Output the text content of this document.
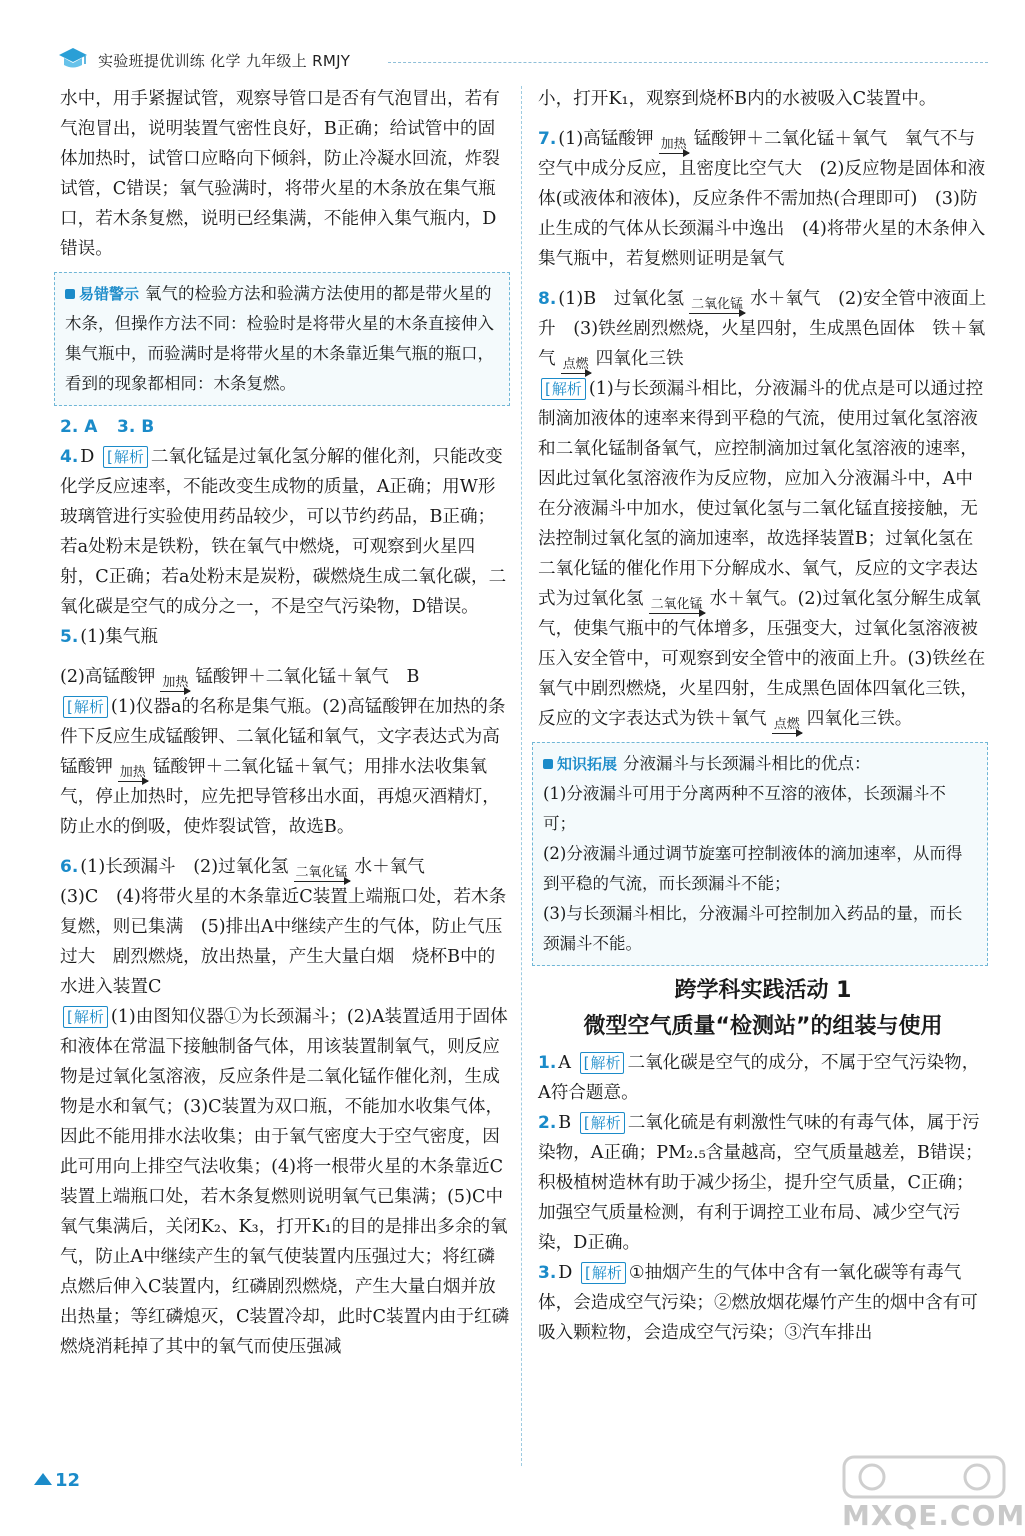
实验班提优训练 化学 九年级上 RMJY

水中，用手紧握试管，观察导管口是否有气泡冒出，若有气泡冒出，说明装置气密性良好，B正确；给试管中的固体加热时，试管口应略向下倾斜，防止冷凝水回流，炸裂试管，C错误；氧气验满时，将带火星的木条放在集气瓶口，若木条复燃，说明已经集满，不能伸入集气瓶内，D错误。

易错警示 氧气的检验方法和验满方法使用的都是带火星的木条，但操作方法不同：检验时是将带火星的木条直接伸入集气瓶中，而验满时是将带火星的木条靠近集气瓶的瓶口，看到的现象都相同：木条复燃。

2. A　 3. B

4. D [ 解析 二氧化锰是过氧化氢分解的催化剂，只能改变化学反应速率，不能改变生成物的质量，A正确；用W形玻璃管进行实验使用药品较少，可以节约药品，B正确；若a处粉末是铁粉，铁在氧气中燃烧，可观察到火星四射，C正确；若a处粉末是炭粉，碳燃烧生成二氧化碳，二氧化碳是空气的成分之一，不是空气污染物，D错误。

5. (1)集气瓶

(2)高锰酸钾 加热 锰酸钾＋二氧化锰＋氧气　B

[ 解析 (1)仪器a的名称是集气瓶。(2)高锰酸钾在加热的条件下反应生成锰酸钾、二氧化锰和氧气，文字表达式为高锰酸钾 加热 锰酸钾＋二氧化锰＋氧气；用排水法收集氧气，停止加热时，应先把导管移出水面，再熄灭酒精灯，防止水的倒吸，使炸裂试管，故选B。

6. (1)长颈漏斗　(2)过氧化氢 二氧化锰 水＋氧气

(3)C　(4)将带火星的木条靠近C装置上端瓶口处，若木条复燃，则已集满　(5)排出A中继续产生的气体，防止气压过大　剧烈燃烧，放出热量，产生大量白烟　烧杯B中的水进入装置C

[ 解析 (1)由图知仪器①为长颈漏斗；(2)A装置适用于固体和液体在常温下接触制备气体，用该装置制氧气，则反应物是过氧化氢溶液，反应条件是二氧化锰作催化剂，生成物是水和氧气；(3)C装置为双口瓶，不能加水收集气体，因此不能用排水法收集；由于氧气密度大于空气密度，因此可用向上排空气法收集；(4)将一根带火星的木条靠近C装置上端瓶口处，若木条复燃则说明氧气已集满；(5)C中氧气集满后，关闭K₂、K₃，打开K₁的目的是排出多余的氧气，防止A中继续产生的氧气使装置内压强过大；将红磷点燃后伸入C装置内，红磷剧烈燃烧，产生大量白烟并放出热量；等红磷熄灭，C装置冷却，此时C装置内由于红磷燃烧消耗掉了其中的氧气而使压强减

小，打开K₁，观察到烧杯B内的水被吸入C装置中。

7. (1)高锰酸钾 加热 锰酸钾＋二氧化锰＋氧气　氧气不与空气中成分反应，且密度比空气大　(2)反应物是固体和液体(或液体和液体)，反应条件不需加热(合理即可)　(3)防止生成的气体从长颈漏斗中逸出　(4)将带火星的木条伸入集气瓶中，若复燃则证明是氧气

8. (1)B　过氧化氢 二氧化锰 水＋氧气　(2)安全管中液面上升　(3)铁丝剧烈燃烧，火星四射，生成黑色固体　铁＋氧气 点燃 四氧化三铁

[ 解析 (1)与长颈漏斗相比，分液漏斗的优点是可以通过控制滴加液体的速率来得到平稳的气流，使用过氧化氢溶液和二氧化锰制备氧气，应控制滴加过氧化氢溶液的速率，因此过氧化氢溶液作为反应物，应加入分液漏斗中，A中在分液漏斗中加水，使过氧化氢与二氧化锰直接接触，无法控制过氧化氢的滴加速率，故选择装置B；过氧化氢在二氧化锰的催化作用下分解成水、氧气，反应的文字表达式为过氧化氢 二氧化锰 水＋氧气。(2)过氧化氢分解生成氧气，使集气瓶中的气体增多，压强变大，过氧化氢溶液被压入安全管中，可观察到安全管中的液面上升。(3)铁丝在氧气中剧烈燃烧，火星四射，生成黑色固体四氧化三铁，反应的文字表达式为铁＋氧气 点燃 四氧化三铁。

知识拓展 分液漏斗与长颈漏斗相比的优点：

(1)分液漏斗可用于分离两种不互溶的液体，长颈漏斗不可；

(2)分液漏斗通过调节旋塞可控制液体的滴加速率，从而得到平稳的气流，而长颈漏斗不能；

(3)与长颈漏斗相比，分液漏斗可控制加入药品的量，而长颈漏斗不能。

跨学科实践活动 1
微型空气质量“检测站”的组装与使用

1. A [ 解析 二氧化碳是空气的成分，不属于空气污染物，A符合题意。

2. B [ 解析 二氧化硫是有刺激性气味的有毒气体，属于污染物，A正确；PM₂.₅含量越高，空气质量越差，B错误；积极植树造林有助于减少扬尘，提升空气质量，C正确；加强空气质量检测，有利于调控工业布局、减少空气污染，D正确。

3. D [ 解析 ①抽烟产生的气体中含有一氧化碳等有毒气体，会造成空气污染；②燃放烟花爆竹产生的烟中含有可吸入颗粒物，会造成空气污染；③汽车排出

12
MXQE.COM
